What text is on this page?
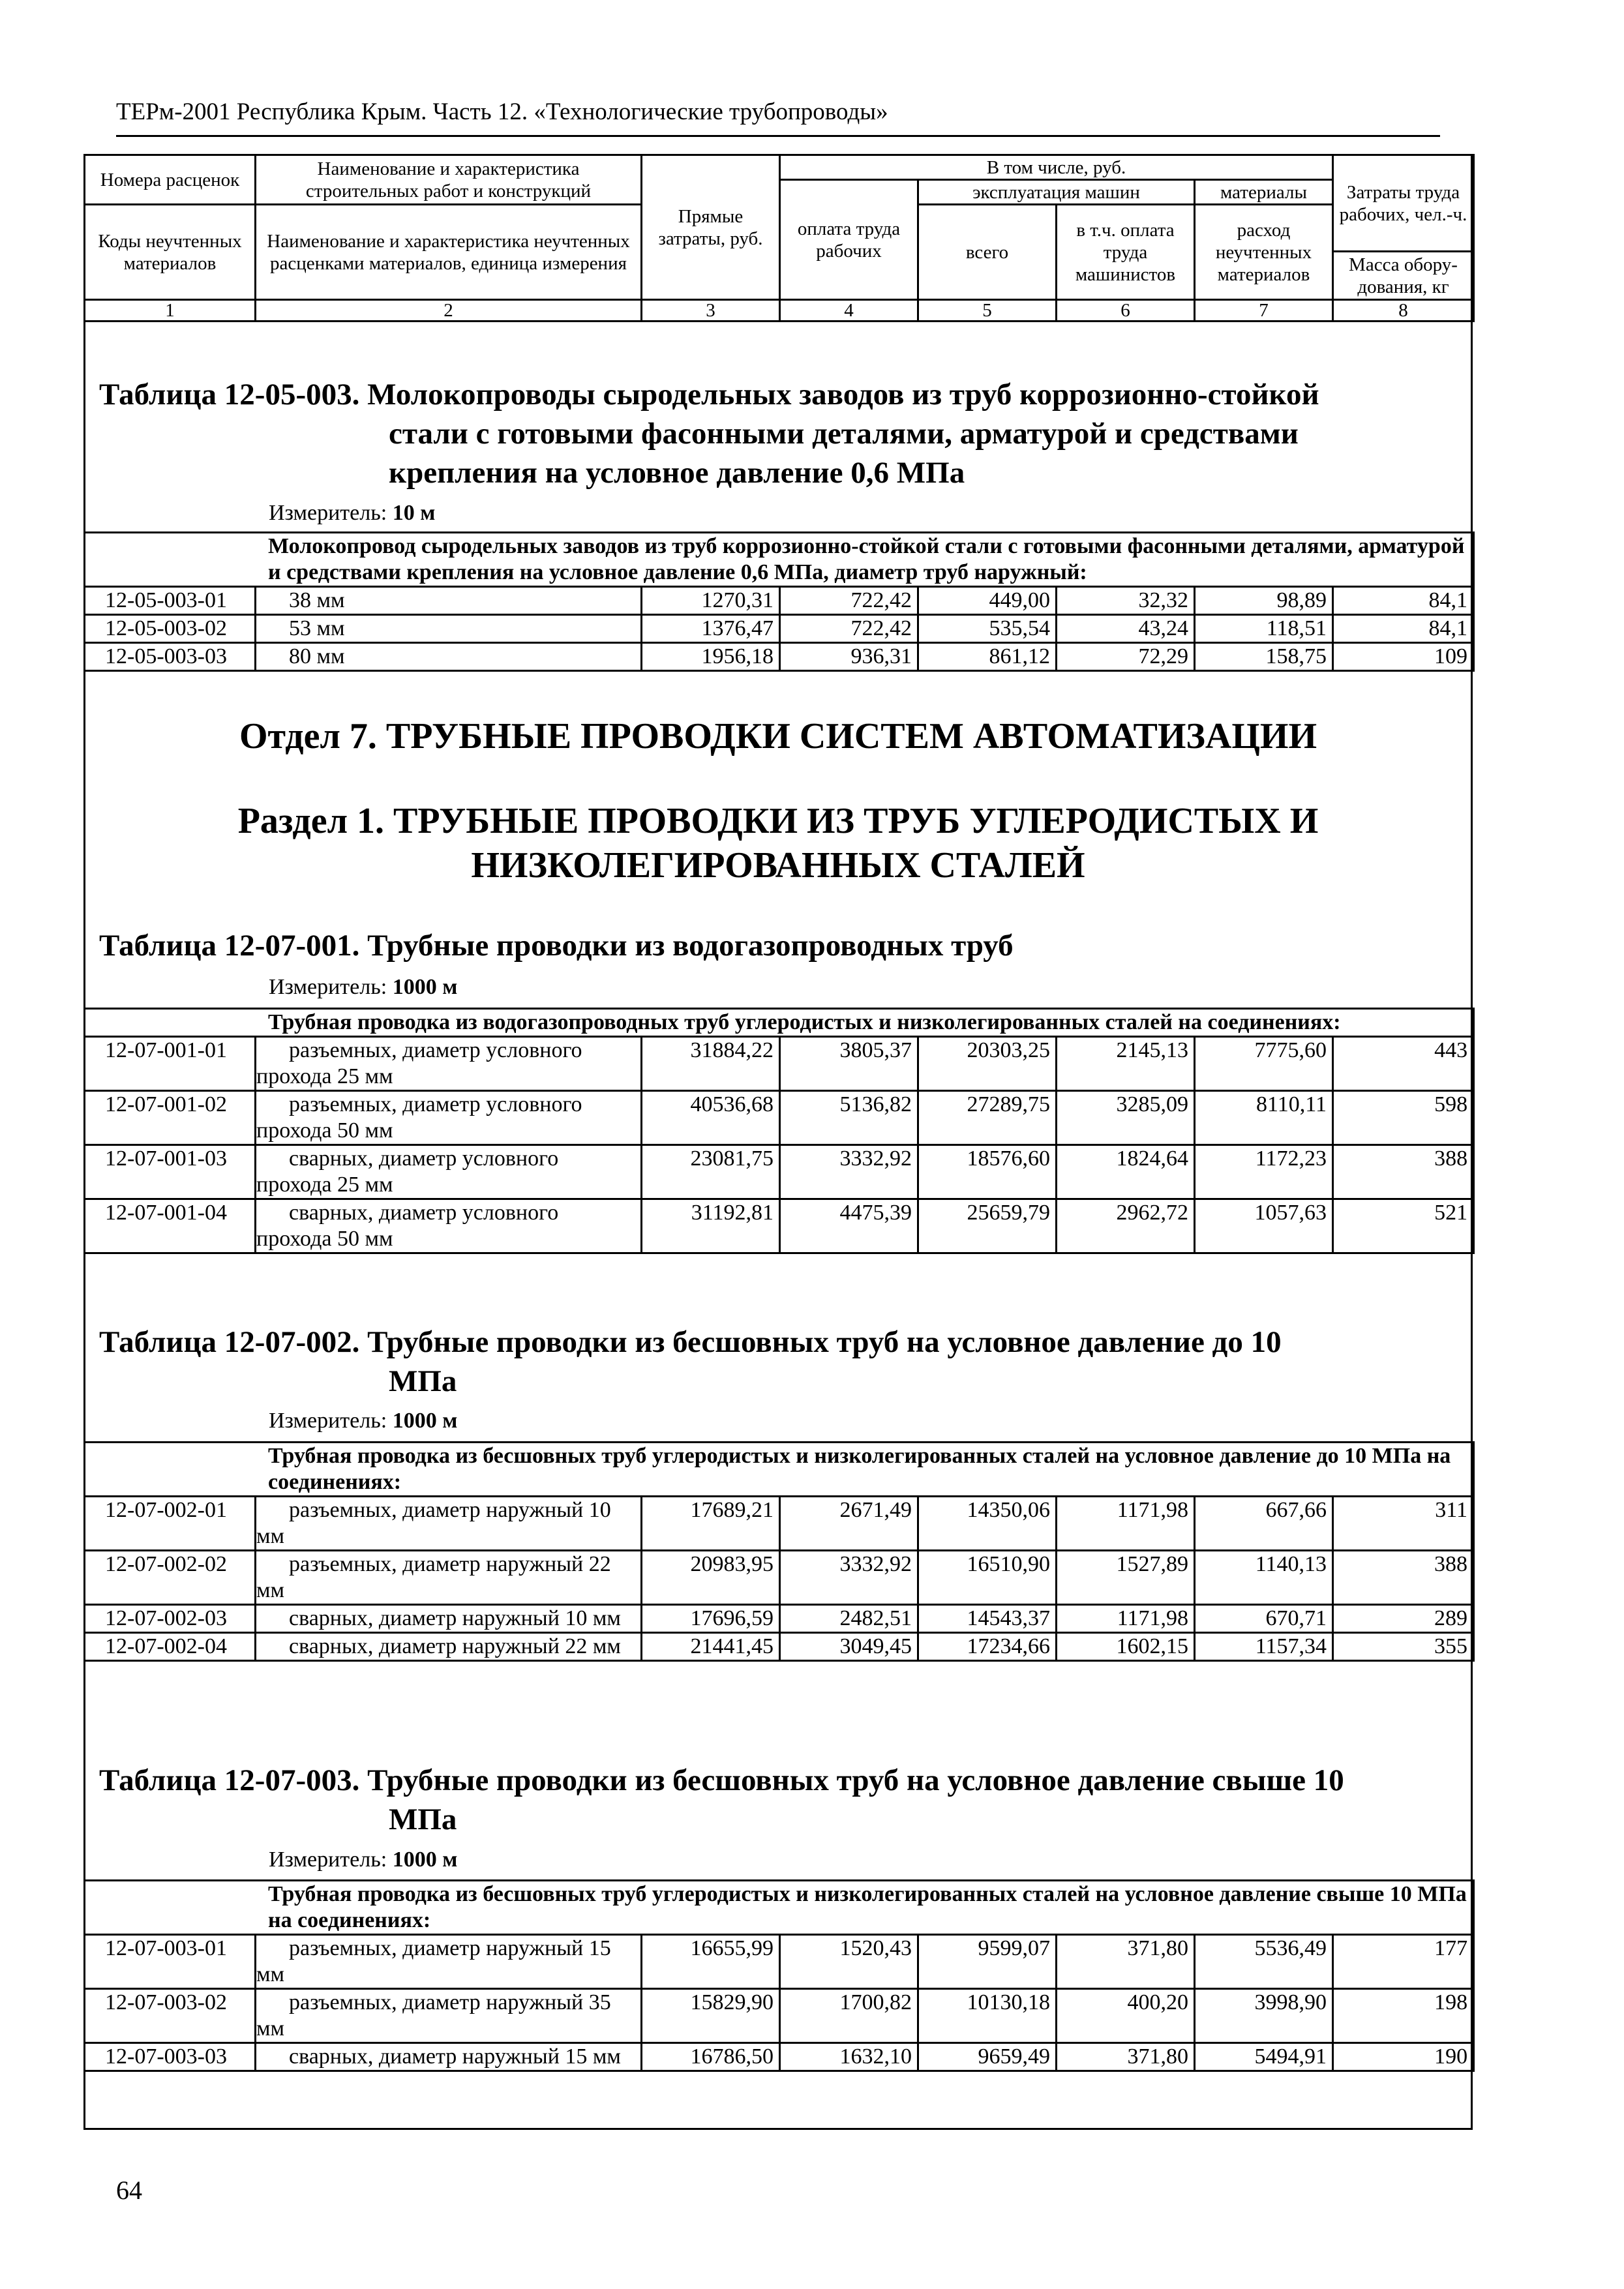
ТЕРм-2001 Республика Крым. Часть 12. «Технологические трубопроводы»
Номера расценок	Наименование и характеристика строительных работ и конструкций	Прямые затраты, руб.	В том числе, руб.				Затраты труда рабочих, чел.-ч.
			оплата труда рабочих	эксплуатация машин		материалы	
Коды неучтенных материалов	Наименование и характеристика неучтенных расценками материалов, единица измерения			всего	в т.ч. оплата труда машинистов	расход неучтенных материалов	
							Масса обору-дования, кг
1	2	3	4	5	6	7	8
Таблица 12-05-003. Молокопроводы сыродельных заводов из труб коррозионно-стойкой
стали с готовыми фасонными деталями, арматурой и средствами
крепления на условное давление 0,6 МПа
Измеритель: 10 м
Молокопровод сыродельных заводов из труб коррозионно-стойкой стали с готовыми фасонными деталями, арматурой и средствами крепления на условное давление 0,6 МПа, диаметр труб наружный:							
12-05-003-01	38 мм	1270,31	722,42	449,00	32,32	98,89	84,1
12-05-003-02	53 мм	1376,47	722,42	535,54	43,24	118,51	84,1
12-05-003-03	80 мм	1956,18	936,31	861,12	72,29	158,75	109
Отдел 7. ТРУБНЫЕ ПРОВОДКИ СИСТЕМ АВТОМАТИЗАЦИИ
Раздел 1. ТРУБНЫЕ ПРОВОДКИ ИЗ ТРУБ УГЛЕРОДИСТЫХ И
НИЗКОЛЕГИРОВАННЫХ СТАЛЕЙ
Таблица 12-07-001. Трубные проводки из водогазопроводных труб
Измеритель: 1000 м
Трубная проводка из водогазопроводных труб углеродистых и низколегированных сталей на соединениях:							
12-07-001-01	разъемных, диаметр условного прохода 25 мм	31884,22	3805,37	20303,25	2145,13	7775,60	443
12-07-001-02	разъемных, диаметр условного прохода 50 мм	40536,68	5136,82	27289,75	3285,09	8110,11	598
12-07-001-03	сварных, диаметр условного прохода 25 мм	23081,75	3332,92	18576,60	1824,64	1172,23	388
12-07-001-04	сварных, диаметр условного прохода 50 мм	31192,81	4475,39	25659,79	2962,72	1057,63	521
Таблица 12-07-002. Трубные проводки из бесшовных труб на условное давление до 10
МПа
Измеритель: 1000 м
Трубная проводка из бесшовных труб углеродистых и низколегированных сталей на условное давление до 10 МПа на соединениях:							
12-07-002-01	разъемных, диаметр наружный 10 мм	17689,21	2671,49	14350,06	1171,98	667,66	311
12-07-002-02	разъемных, диаметр наружный 22 мм	20983,95	3332,92	16510,90	1527,89	1140,13	388
12-07-002-03	сварных, диаметр наружный 10 мм	17696,59	2482,51	14543,37	1171,98	670,71	289
12-07-002-04	сварных, диаметр наружный 22 мм	21441,45	3049,45	17234,66	1602,15	1157,34	355
Таблица 12-07-003. Трубные проводки из бесшовных труб на условное давление свыше 10
МПа
Измеритель: 1000 м
Трубная проводка из бесшовных труб углеродистых и низколегированных сталей на условное давление свыше 10 МПа на соединениях:							
12-07-003-01	разъемных, диаметр наружный 15 мм	16655,99	1520,43	9599,07	371,80	5536,49	177
12-07-003-02	разъемных, диаметр наружный 35 мм	15829,90	1700,82	10130,18	400,20	3998,90	198
12-07-003-03	сварных, диаметр наружный 15 мм	16786,50	1632,10	9659,49	371,80	5494,91	190
64
